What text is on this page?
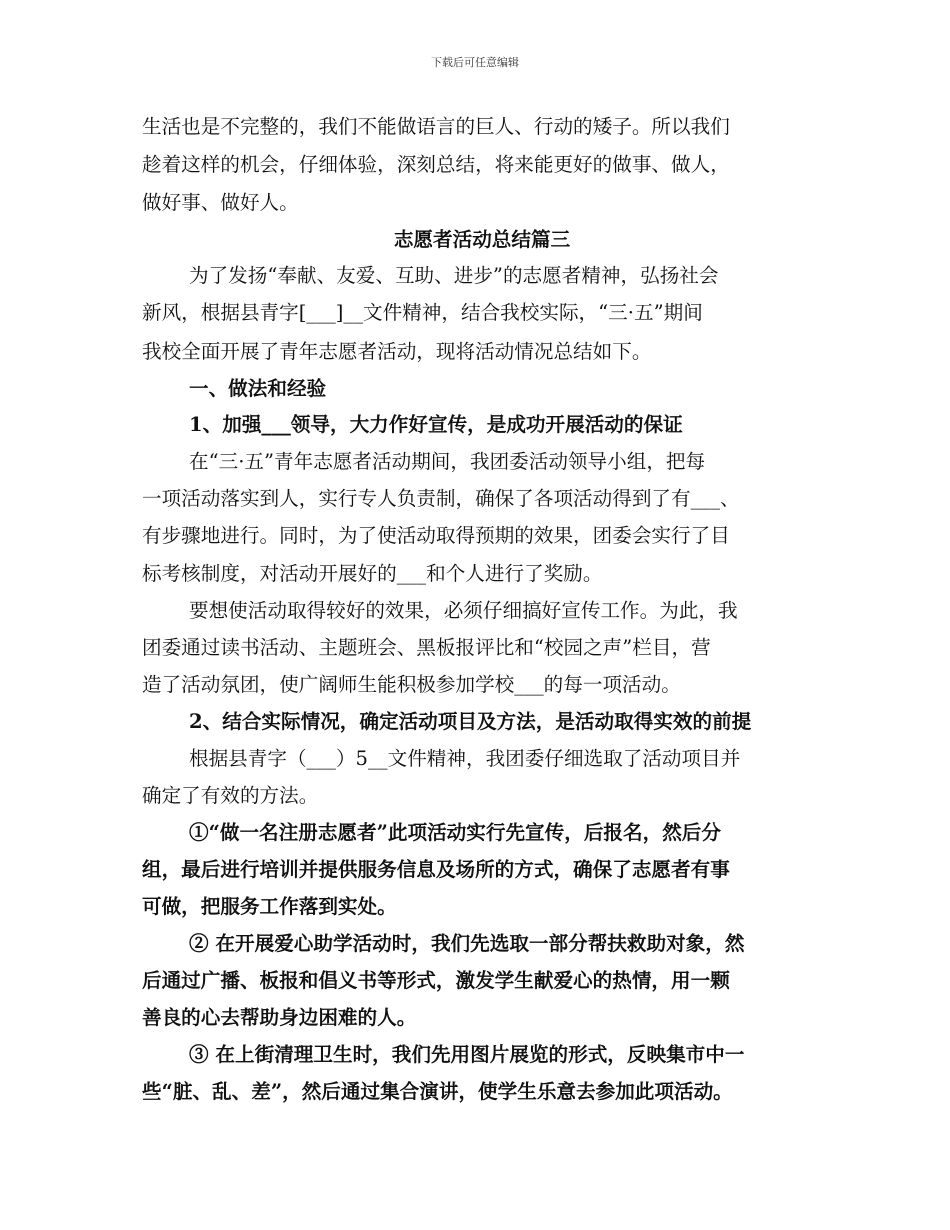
下载后可任意编辑
生活也是不完整的，我们不能做语言的巨人、行动的矮子。所以我们
趁着这样的机会，仔细体验，深刻总结，将来能更好的做事、做人，
做好事、做好人。
志愿者活动总结篇三
为了发扬“奉献、友爱、互助、进步”的志愿者精神，弘扬社会
新风，根据县青字[___]__文件精神，结合我校实际，“三·五”期间
我校全面开展了青年志愿者活动，现将活动情况总结如下。
一、做法和经验
1、加强___领导，大力作好宣传，是成功开展活动的保证
在“三·五”青年志愿者活动期间，我团委活动领导小组，把每
一项活动落实到人，实行专人负责制，确保了各项活动得到了有___、
有步骤地进行。同时，为了使活动取得预期的效果，团委会实行了目
标考核制度，对活动开展好的___和个人进行了奖励。
要想使活动取得较好的效果，必须仔细搞好宣传工作。为此，我
团委通过读书活动、主题班会、黑板报评比和“校园之声”栏目，营
造了活动氛团，使广阔师生能积极参加学校___的每一项活动。
2、结合实际情况，确定活动项目及方法，是活动取得实效的前提
根据县青字（___）5__文件精神，我团委仔细选取了活动项目并
确定了有效的方法。
①“做一名注册志愿者”此项活动实行先宣传，后报名，然后分
组，最后进行培训并提供服务信息及场所的方式，确保了志愿者有事
可做，把服务工作落到实处。
② 在开展爱心助学活动时，我们先选取一部分帮扶救助对象，然
后通过广播、板报和倡义书等形式，激发学生献爱心的热情，用一颗
善良的心去帮助身边困难的人。
③ 在上街清理卫生时，我们先用图片展览的形式，反映集市中一
些“脏、乱、差”，然后通过集合演讲，使学生乐意去参加此项活动。
